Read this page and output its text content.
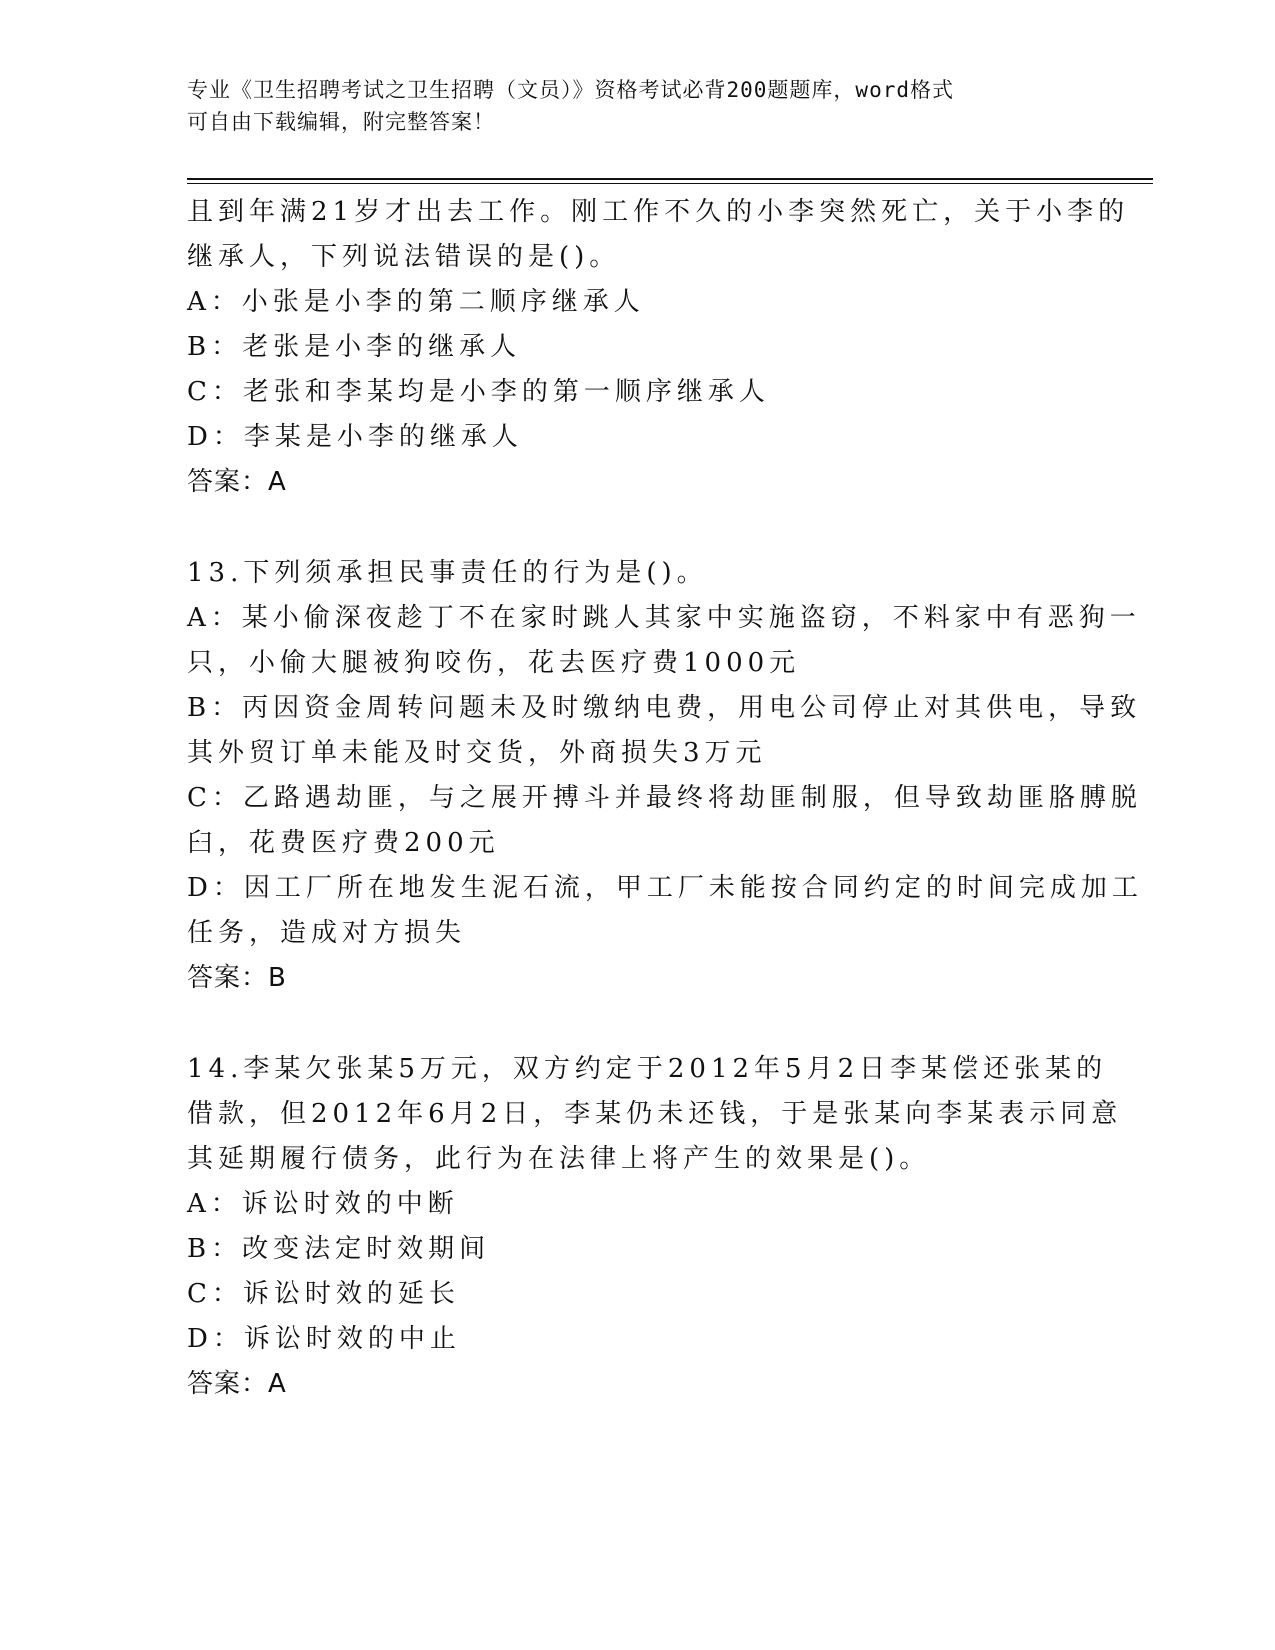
专业《卫生招聘考试之卫生招聘（文员）》资格考试必背200题题库，word格式
可自由下载编辑，附完整答案！
且到年满21岁才出去工作。刚工作不久的小李突然死亡，关于小李的
继承人，下列说法错误的是()。
A：小张是小李的第二顺序继承人
B：老张是小李的继承人
C：老张和李某均是小李的第一顺序继承人
D：李某是小李的继承人
答案：A
13.下列须承担民事责任的行为是()。
A：某小偷深夜趁丁不在家时跳人其家中实施盗窃，不料家中有恶狗一
只，小偷大腿被狗咬伤，花去医疗费1000元
B：丙因资金周转问题未及时缴纳电费，用电公司停止对其供电，导致
其外贸订单未能及时交货，外商损失3万元
C：乙路遇劫匪，与之展开搏斗并最终将劫匪制服，但导致劫匪胳膊脱
臼，花费医疗费200元
D：因工厂所在地发生泥石流，甲工厂未能按合同约定的时间完成加工
任务，造成对方损失
答案：B
14.李某欠张某5万元，双方约定于2012年5月2日李某偿还张某的
借款，但2012年6月2日，李某仍未还钱，于是张某向李某表示同意
其延期履行债务，此行为在法律上将产生的效果是()。
A：诉讼时效的中断
B：改变法定时效期间
C：诉讼时效的延长
D：诉讼时效的中止
答案：A
